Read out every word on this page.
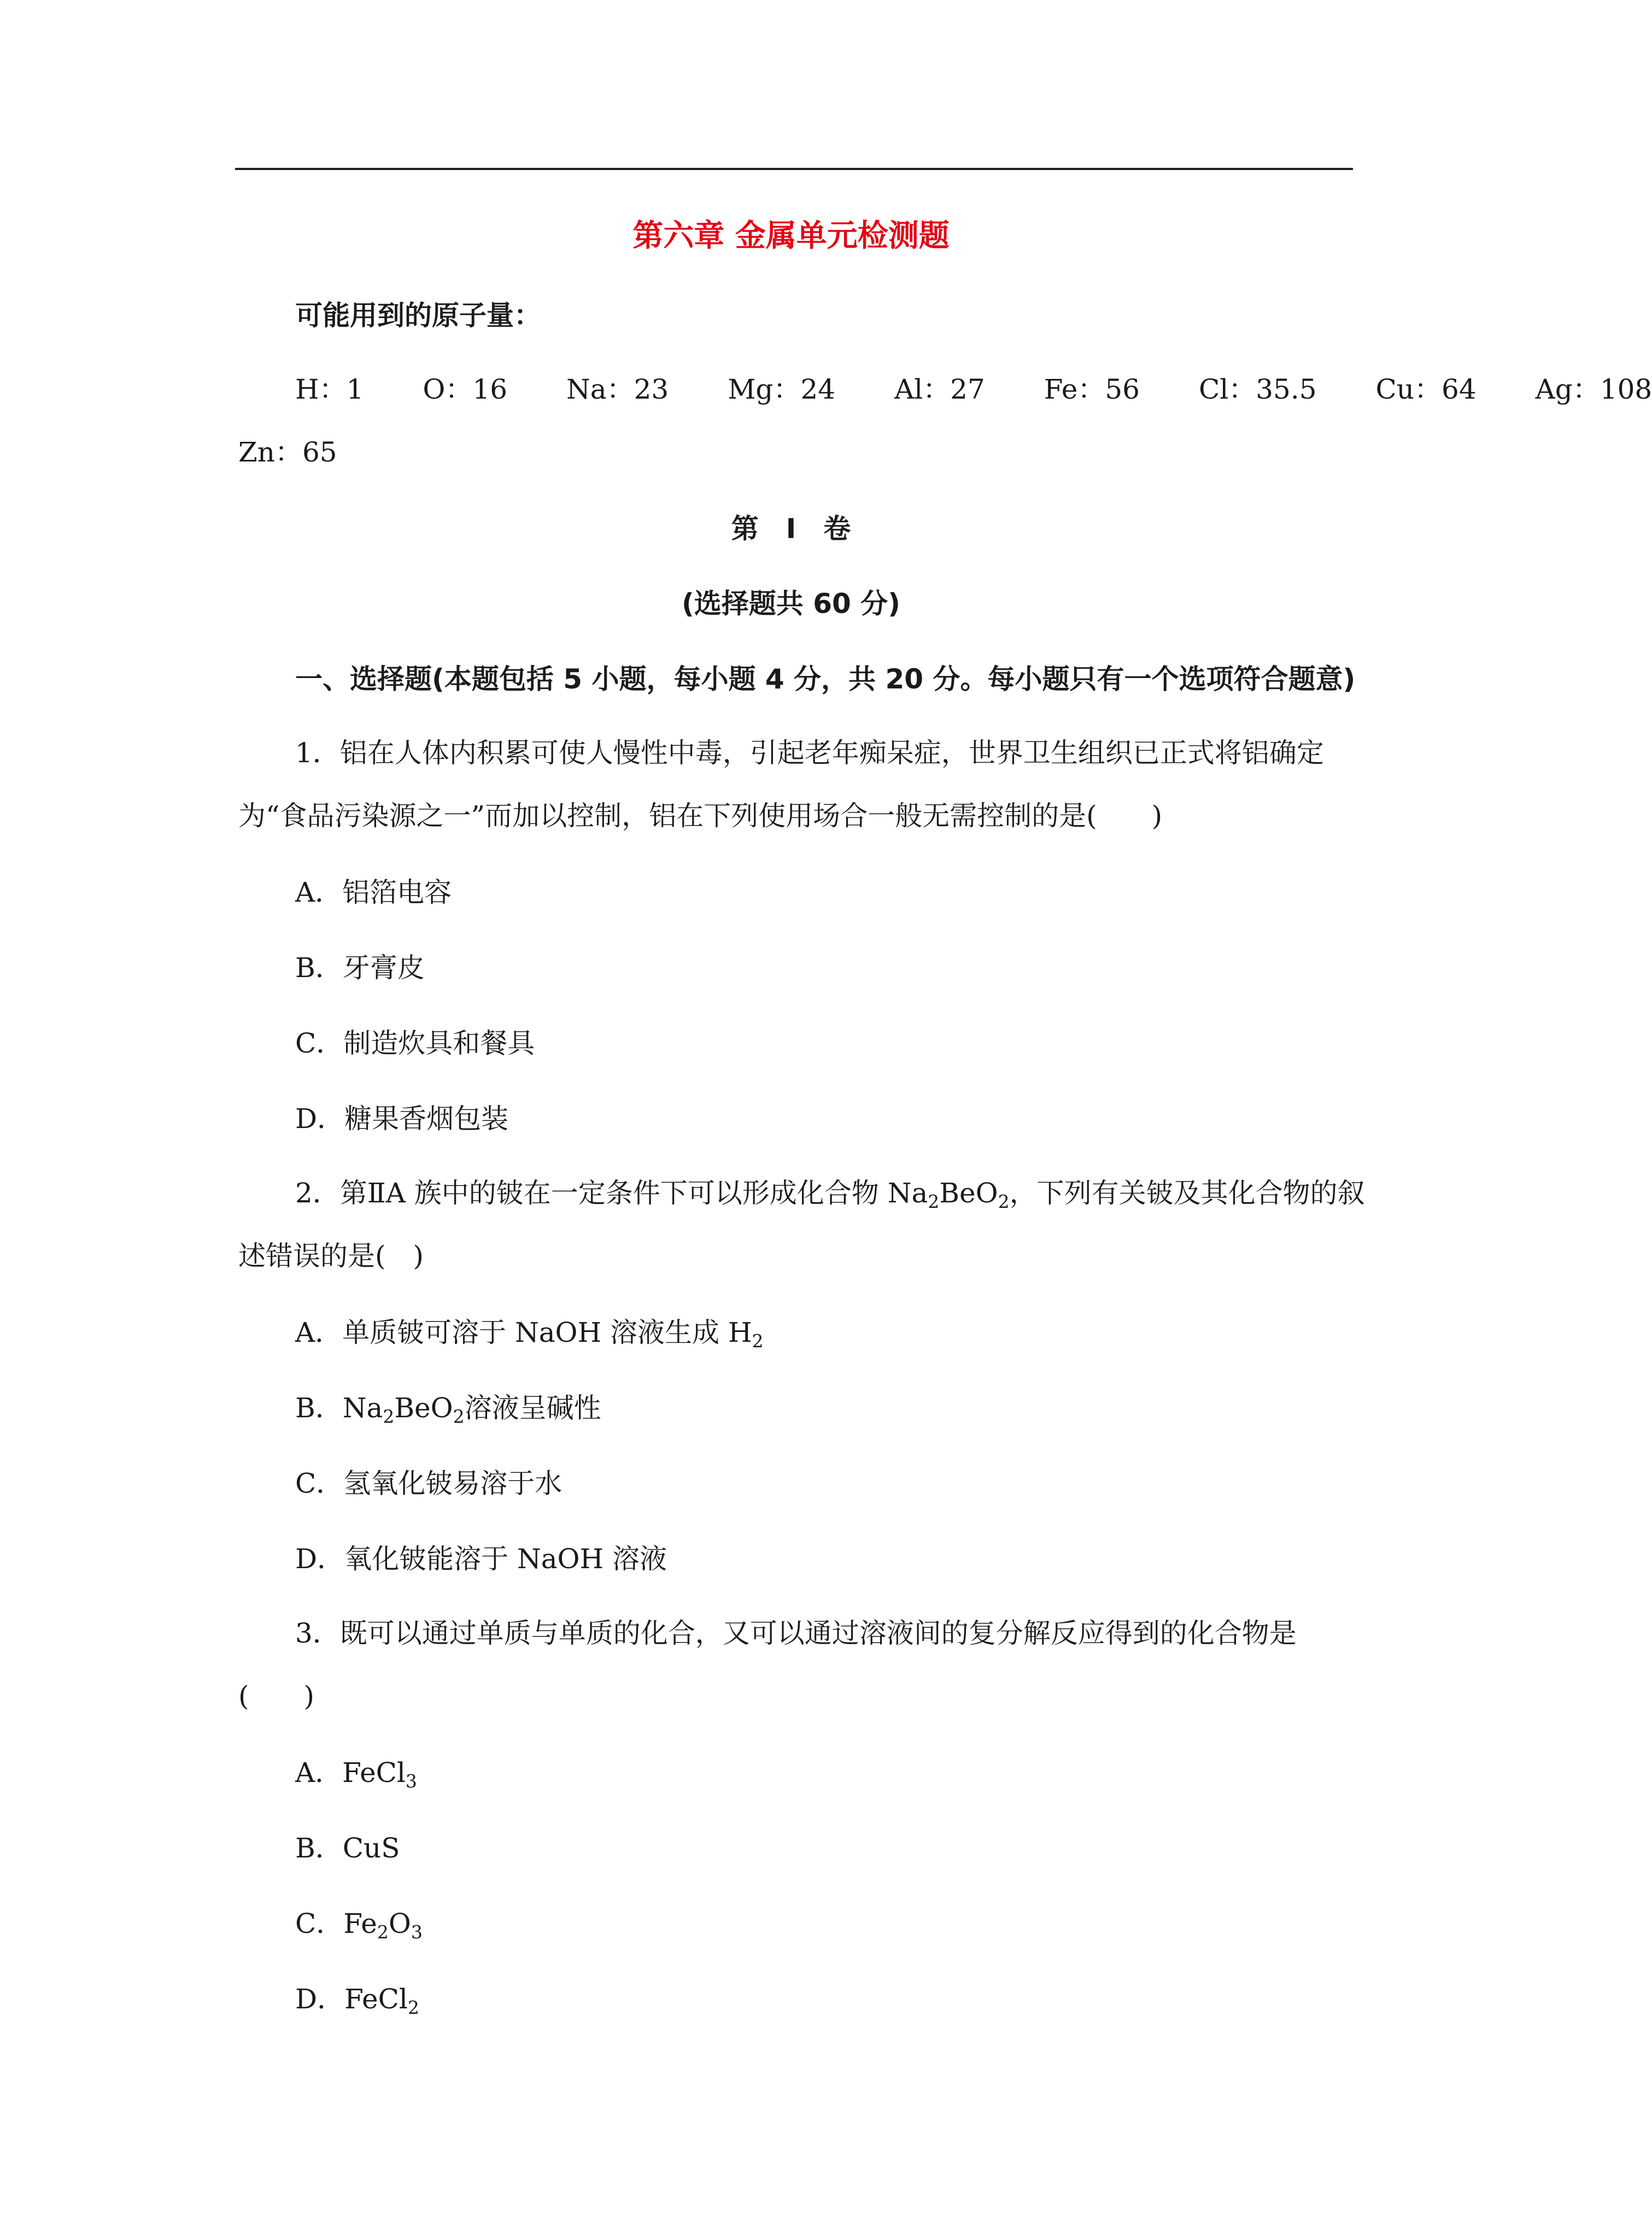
第六章 金属单元检测题
可能用到的原子量：
H：1 O：16 Na：23 Mg：24 Al：27 Fe：56 Cl：35.5 Cu：64 Ag：108
Zn：65
第　I　卷
(选择题共 60 分)
一、选择题(本题包括 5 小题，每小题 4 分，共 20 分。每小题只有一个选项符合题意)
1．铝在人体内积累可使人慢性中毒，引起老年痴呆症，世界卫生组织已正式将铝确定
为“食品污染源之一”而加以控制，铝在下列使用场合一般无需控制的是(　　)
A．铝箔电容
B．牙膏皮
C．制造炊具和餐具
D．糖果香烟包装
2．第ⅡA 族中的铍在一定条件下可以形成化合物 $Na_2BeO_2$，下列有关铍及其化合物的叙
述错误的是(　)
A．单质铍可溶于 NaOH 溶液生成 $H_2$
B．$Na_2BeO_2$溶液呈碱性
C．氢氧化铍易溶于水
D．氧化铍能溶于 NaOH 溶液
3．既可以通过单质与单质的化合，又可以通过溶液间的复分解反应得到的化合物是
(　　)
A．FeCl$_3$
B．CuS
C．$Fe_2O_3$
D．FeCl$_2$
